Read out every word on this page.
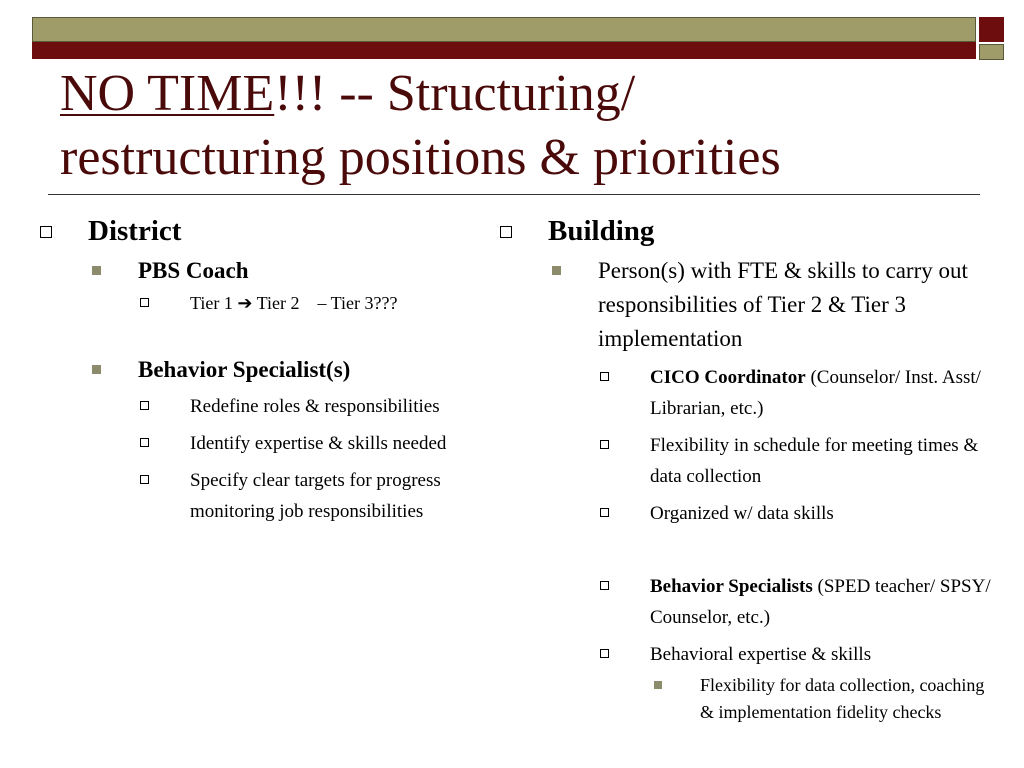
NO TIME!!! -- Structuring/
restructuring positions & priorities
District
PBS Coach
Tier 1 ➔ Tier 2 – Tier 3???
Behavior Specialist(s)
Redefine roles & responsibilities
Identify expertise & skills needed
Specify clear targets for progress monitoring job responsibilities
Building
Person(s) with FTE & skills to carry out responsibilities of Tier 2 & Tier 3 implementation
CICO Coordinator (Counselor/ Inst. Asst/ Librarian, etc.)
Flexibility in schedule for meeting times & data collection
Organized w/ data skills
Behavior Specialists (SPED teacher/ SPSY/ Counselor, etc.)
Behavioral expertise & skills
Flexibility for data collection, coaching & implementation fidelity checks
